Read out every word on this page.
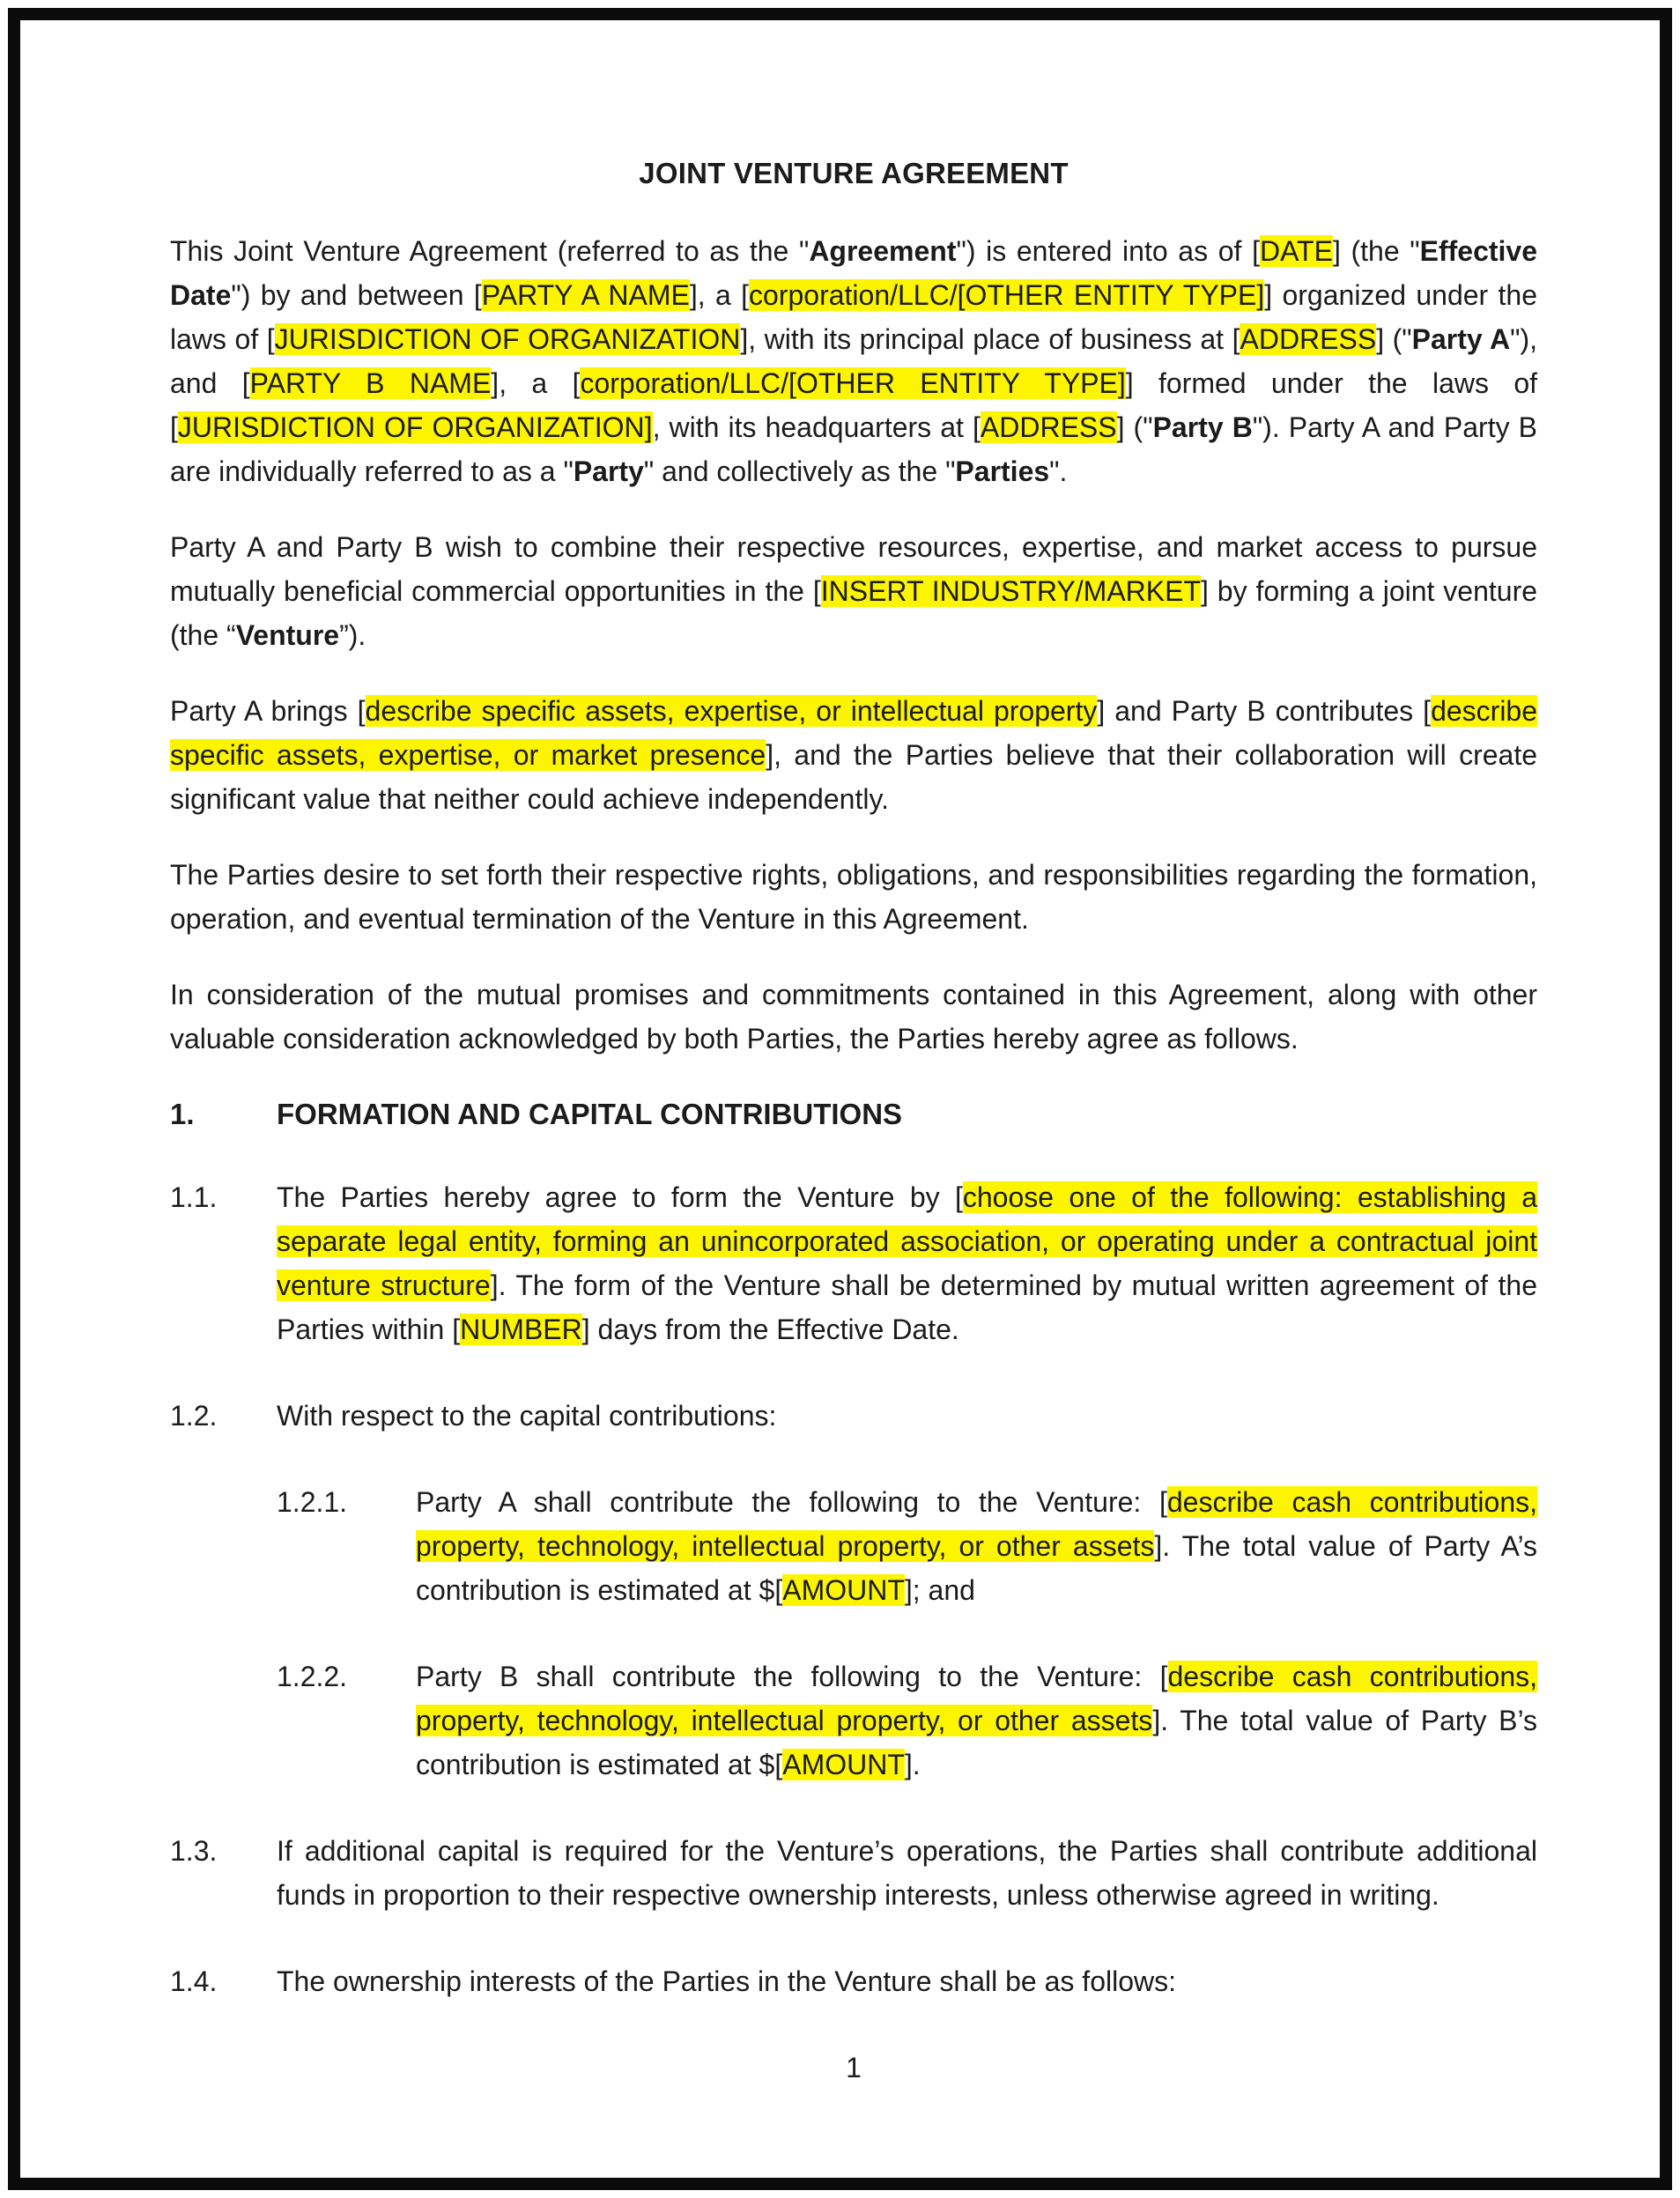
JOINT VENTURE AGREEMENT

This Joint Venture Agreement (referred to as the "Agreement") is entered into as of [DATE] (the "Effective Date") by and between [PARTY A NAME], a [corporation/LLC/[OTHER ENTITY TYPE]] organized under the laws of [JURISDICTION OF ORGANIZATION], with its principal place of business at [ADDRESS] ("Party A"), and [PARTY B NAME], a [corporation/LLC/[OTHER ENTITY TYPE]] formed under the laws of [JURISDICTION OF ORGANIZATION], with its headquarters at [ADDRESS] ("Party B"). Party A and Party B are individually referred to as a "Party" and collectively as the "Parties".

Party A and Party B wish to combine their respective resources, expertise, and market access to pursue mutually beneficial commercial opportunities in the [INSERT INDUSTRY/MARKET] by forming a joint venture (the “Venture”).

Party A brings [describe specific assets, expertise, or intellectual property] and Party B contributes [describe specific assets, expertise, or market presence], and the Parties believe that their collaboration will create significant value that neither could achieve independently.

The Parties desire to set forth their respective rights, obligations, and responsibilities regarding the formation, operation, and eventual termination of the Venture in this Agreement.

In consideration of the mutual promises and commitments contained in this Agreement, along with other valuable consideration acknowledged by both Parties, the Parties hereby agree as follows.

1.	FORMATION AND CAPITAL CONTRIBUTIONS
1.1.	The Parties hereby agree to form the Venture by [choose one of the following: establishing a separate legal entity, forming an unincorporated association, or operating under a contractual joint venture structure]. The form of the Venture shall be determined by mutual written agreement of the Parties within [NUMBER] days from the Effective Date.
1.2.	With respect to the capital contributions:
1.2.1.	Party A shall contribute the following to the Venture: [describe cash contributions, property, technology, intellectual property, or other assets]. The total value of Party A’s contribution is estimated at $[AMOUNT]; and
1.2.2.	Party B shall contribute the following to the Venture: [describe cash contributions, property, technology, intellectual property, or other assets]. The total value of Party B’s contribution is estimated at $[AMOUNT].
1.3.	If additional capital is required for the Venture’s operations, the Parties shall contribute additional funds in proportion to their respective ownership interests, unless otherwise agreed in writing.
1.4.	The ownership interests of the Parties in the Venture shall be as follows:
1
